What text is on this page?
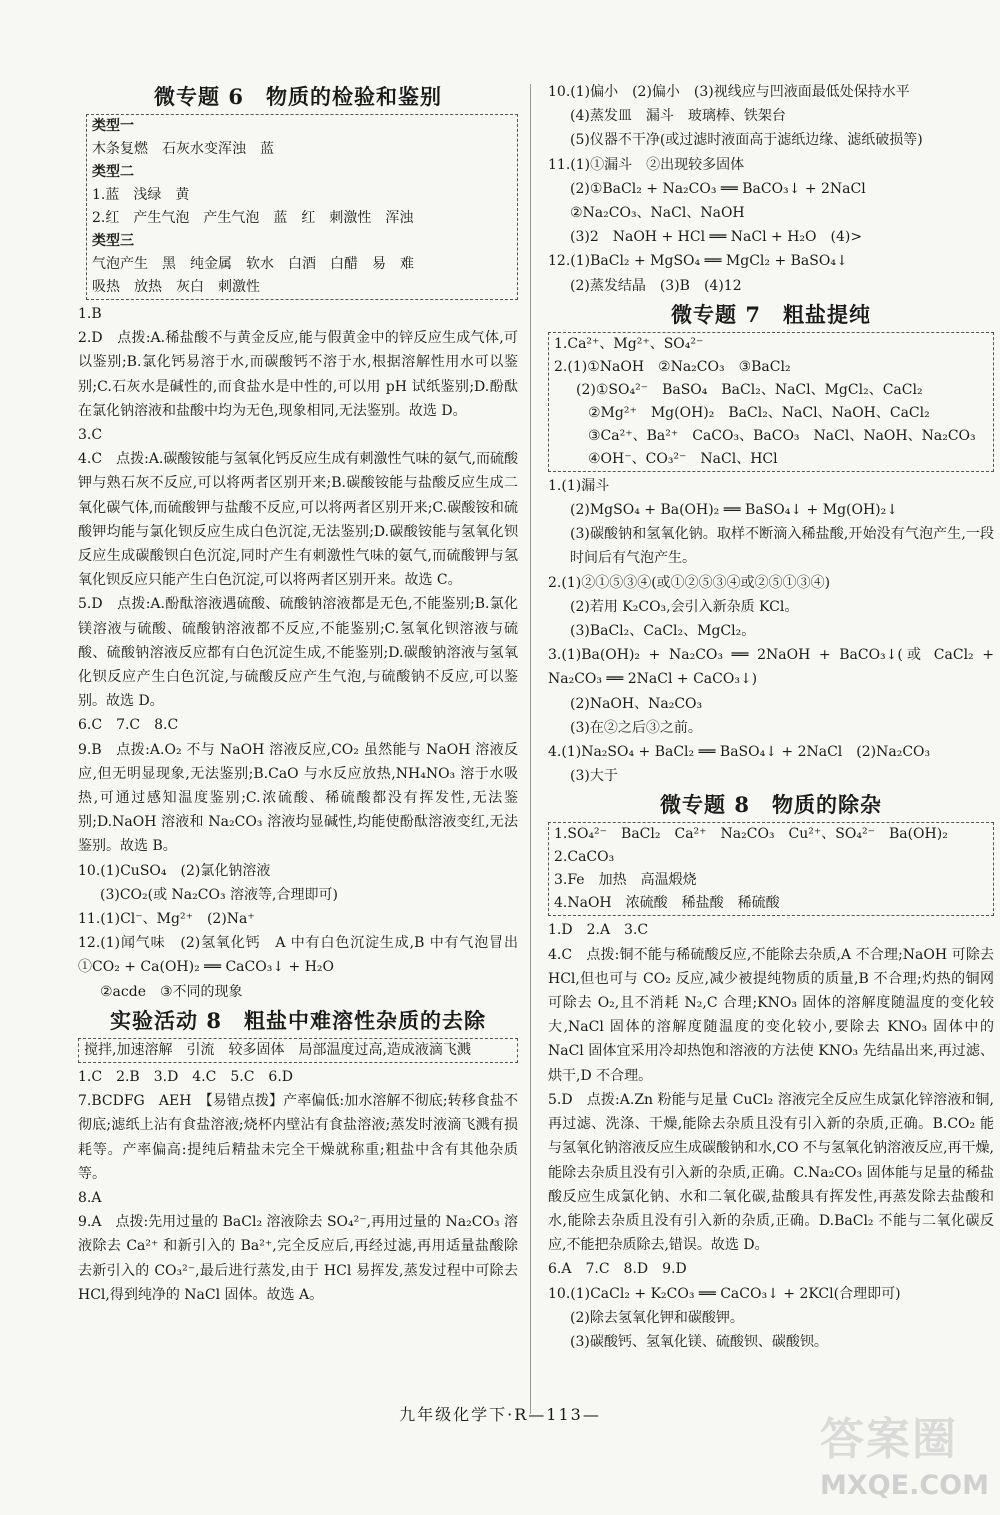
微专题 6　物质的检验和鉴别
类型一
木条复燃　石灰水变浑浊　蓝
类型二
1.蓝　浅绿　黄
2.红　产生气泡　产生气泡　蓝　红　刺激性　浑浊
类型三
气泡产生　黑　纯金属　软水　白酒　白醋　易　难
吸热　放热　灰白　刺激性
1.B
2.D　点拨:A.稀盐酸不与黄金反应,能与假黄金中的锌反应生成气体,可以鉴别;B.氯化钙易溶于水,而碳酸钙不溶于水,根据溶解性用水可以鉴别;C.石灰水是碱性的,而食盐水是中性的,可以用 pH 试纸鉴别;D.酚酞在氯化钠溶液和盐酸中均为无色,现象相同,无法鉴别。故选 D。
3.C
4.C　点拨:A.碳酸铵能与氢氧化钙反应生成有刺激性气味的氨气,而硫酸钾与熟石灰不反应,可以将两者区别开来;B.碳酸铵能与盐酸反应生成二氧化碳气体,而硫酸钾与盐酸不反应,可以将两者区别开来;C.碳酸铵和硫酸钾均能与氯化钡反应生成白色沉淀,无法鉴别;D.碳酸铵能与氢氧化钡反应生成碳酸钡白色沉淀,同时产生有刺激性气味的氨气,而硫酸钾与氢氧化钡反应只能产生白色沉淀,可以将两者区别开来。故选 C。
5.D　点拨:A.酚酞溶液遇硫酸、硫酸钠溶液都是无色,不能鉴别;B.氯化镁溶液与硫酸、硫酸钠溶液都不反应,不能鉴别;C.氢氧化钡溶液与硫酸、硫酸钠溶液反应都有白色沉淀生成,不能鉴别;D.碳酸钠溶液与氢氧化钡反应产生白色沉淀,与硫酸反应产生气泡,与硫酸钠不反应,可以鉴别。故选 D。
6.C　7.C　8.C
9.B　点拨:A.O₂ 不与 NaOH 溶液反应,CO₂ 虽然能与 NaOH 溶液反应,但无明显现象,无法鉴别;B.CaO 与水反应放热,NH₄NO₃ 溶于水吸热,可通过感知温度鉴别;C.浓硫酸、稀硫酸都没有挥发性,无法鉴别;D.NaOH 溶液和 Na₂CO₃ 溶液均显碱性,均能使酚酞溶液变红,无法鉴别。故选 B。
10.(1)CuSO₄　(2)氯化钠溶液
(3)CO₂(或 Na₂CO₃ 溶液等,合理即可)
11.(1)Cl⁻、Mg²⁺　(2)Na⁺
12.(1)闻气味　(2)氢氧化钙　A 中有白色沉淀生成,B 中有气泡冒出　①CO₂ + Ca(OH)₂ ══ CaCO₃↓ + H₂O
②acde　③不同的现象
实验活动 8　粗盐中难溶性杂质的去除
搅拌,加速溶解　引流　较多固体　局部温度过高,造成液滴飞溅
1.C　2.B　3.D　4.C　5.C　6.D
7.BCDFG　AEH　【易错点拨】产率偏低:加水溶解不彻底;转移食盐不彻底;滤纸上沾有食盐溶液;烧杯内壁沾有食盐溶液;蒸发时液滴飞溅有损耗等。产率偏高:提纯后精盐未完全干燥就称重;粗盐中含有其他杂质等。
8.A
9.A　点拨:先用过量的 BaCl₂ 溶液除去 SO₄²⁻,再用过量的 Na₂CO₃ 溶液除去 Ca²⁺ 和新引入的 Ba²⁺,完全反应后,再经过滤,再用适量盐酸除去新引入的 CO₃²⁻,最后进行蒸发,由于 HCl 易挥发,蒸发过程中可除去 HCl,得到纯净的 NaCl 固体。故选 A。
10.(1)偏小　(2)偏小　(3)视线应与凹液面最低处保持水平
(4)蒸发皿　漏斗　玻璃棒、铁架台
(5)仪器不干净(或过滤时液面高于滤纸边缘、滤纸破损等)
11.(1)①漏斗　②出现较多固体
(2)①BaCl₂ + Na₂CO₃ ══ BaCO₃↓ + 2NaCl
②Na₂CO₃、NaCl、NaOH
(3)2　NaOH + HCl ══ NaCl + H₂O　(4)>
12.(1)BaCl₂ + MgSO₄ ══ MgCl₂ + BaSO₄↓
(2)蒸发结晶　(3)B　(4)12
微专题 7　粗盐提纯
1.Ca²⁺、Mg²⁺、SO₄²⁻
2.(1)①NaOH　②Na₂CO₃　③BaCl₂
(2)①SO₄²⁻　BaSO₄　BaCl₂、NaCl、MgCl₂、CaCl₂
②Mg²⁺　Mg(OH)₂　BaCl₂、NaCl、NaOH、CaCl₂
③Ca²⁺、Ba²⁺　CaCO₃、BaCO₃　NaCl、NaOH、Na₂CO₃
④OH⁻、CO₃²⁻　NaCl、HCl
1.(1)漏斗
(2)MgSO₄ + Ba(OH)₂ ══ BaSO₄↓ + Mg(OH)₂↓
(3)碳酸钠和氢氧化钠。取样不断滴入稀盐酸,开始没有气泡产生,一段时间后有气泡产生。
2.(1)②①⑤③④(或①②⑤③④或②⑤①③④)
(2)若用 K₂CO₃,会引入新杂质 KCl。
(3)BaCl₂、CaCl₂、MgCl₂。
3.(1)Ba(OH)₂ + Na₂CO₃ ══ 2NaOH + BaCO₃↓(或 CaCl₂ + Na₂CO₃ ══ 2NaCl + CaCO₃↓)
(2)NaOH、Na₂CO₃
(3)在②之后③之前。
4.(1)Na₂SO₄ + BaCl₂ ══ BaSO₄↓ + 2NaCl　(2)Na₂CO₃
(3)大于
微专题 8　物质的除杂
1.SO₄²⁻　BaCl₂　Ca²⁺　Na₂CO₃　Cu²⁺、SO₄²⁻　Ba(OH)₂
2.CaCO₃
3.Fe　加热　高温煅烧
4.NaOH　浓硫酸　稀盐酸　稀硫酸
1.D　2.A　3.C
4.C　点拨:铜不能与稀硫酸反应,不能除去杂质,A 不合理;NaOH 可除去 HCl,但也可与 CO₂ 反应,减少被提纯物质的质量,B 不合理;灼热的铜网可除去 O₂,且不消耗 N₂,C 合理;KNO₃ 固体的溶解度随温度的变化较大,NaCl 固体的溶解度随温度的变化较小,要除去 KNO₃ 固体中的 NaCl 固体宜采用冷却热饱和溶液的方法使 KNO₃ 先结晶出来,再过滤、烘干,D 不合理。
5.D　点拨:A.Zn 粉能与足量 CuCl₂ 溶液完全反应生成氯化锌溶液和铜,再过滤、洗涤、干燥,能除去杂质且没有引入新的杂质,正确。B.CO₂ 能与氢氧化钠溶液反应生成碳酸钠和水,CO 不与氢氧化钠溶液反应,再干燥,能除去杂质且没有引入新的杂质,正确。C.Na₂CO₃ 固体能与足量的稀盐酸反应生成氯化钠、水和二氧化碳,盐酸具有挥发性,再蒸发除去盐酸和水,能除去杂质且没有引入新的杂质,正确。D.BaCl₂ 不能与二氧化碳反应,不能把杂质除去,错误。故选 D。
6.A　7.C　8.D　9.D
10.(1)CaCl₂ + K₂CO₃ ══ CaCO₃↓ + 2KCl(合理即可)
(2)除去氢氧化钾和碳酸钾。
(3)碳酸钙、氢氧化镁、硫酸钡、碳酸钡。
九年级化学下·R—113—	答案圈
MXQE.COM
